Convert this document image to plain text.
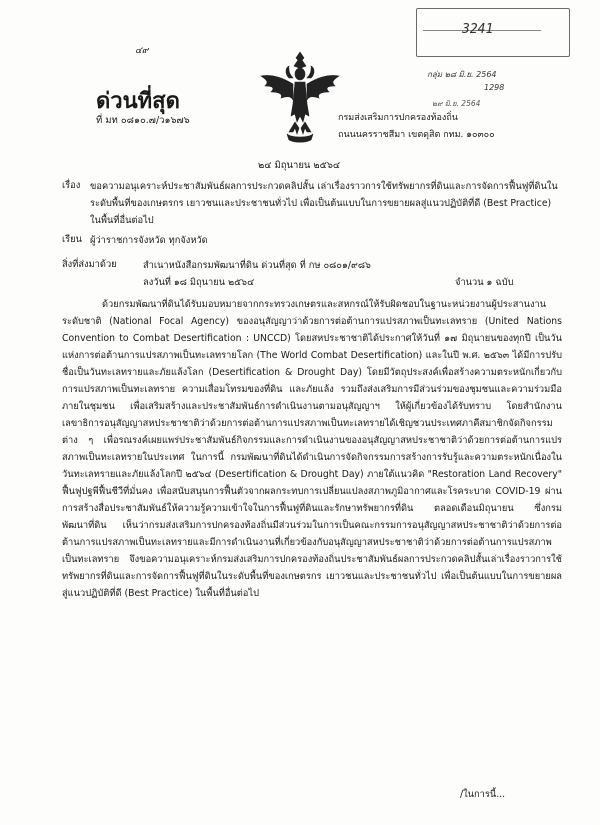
๔๙
ด่วนที่สุด
ที่ มท ๐๘๑๐.๗/ว๑๖๗๖
3241
กลุ่ม ๒๘ มิ.ย. 2564
1298
๒๙ มิ.ย. 2564
กรมส่งเสริมการปกครองท้องถิ่น
ถนนนครราชสีมา เขตดุสิต กทม. ๑๐๓๐๐
๒๔ มิถุนายน ๒๕๖๔
เรื่อง ขอความอนุเคราะห์ประชาสัมพันธ์ผลการประกวดคลิปสั้น เล่าเรื่องราวการใช้ทรัพยากรที่ดินและการจัดการฟื้นฟูที่ดินในระดับพื้นที่ของเกษตรกร เยาวชนและประชาชนทั่วไป เพื่อเป็นต้นแบบในการขยายผลสู่แนวปฏิบัติที่ดี (Best Practice) ในพื้นที่อื่นต่อไป
เรียน ผู้ว่าราชการจังหวัด ทุกจังหวัด
สิ่งที่ส่งมาด้วย	สำเนาหนังสือกรมพัฒนาที่ดิน ด่วนที่สุด ที่ กษ ๐๘๐๑/๙๘๖
ลงวันที่ ๑๘ มิถุนายน ๒๕๖๔	จำนวน ๑ ฉบับ
ด้วยกรมพัฒนาที่ดินได้รับมอบหมายจากกระทรวงเกษตรและสหกรณ์ให้รับผิดชอบในฐานะหน่วยงานผู้ประสานงานระดับชาติ (National Focal Agency) ของอนุสัญญาว่าด้วยการต่อต้านการแปรสภาพเป็นทะเลทราย (United Nations Convention to Combat Desertification : UNCCD) โดยสหประชาชาติได้ประกาศให้วันที่ ๑๗ มิถุนายนของทุกปี เป็นวันแห่งการต่อต้านการแปรสภาพเป็นทะเลทรายโลก (The World Combat Desertification) และในปี พ.ศ. ๒๕๖๓ ได้มีการปรับชื่อเป็นวันทะเลทรายและภัยแล้งโลก (Desertification & Drought Day) โดยมีวัตถุประสงค์เพื่อสร้างความตระหนักเกี่ยวกับการแปรสภาพเป็นทะเลทราย ความเสื่อมโทรมของที่ดิน และภัยแล้ง รวมถึงส่งเสริมการมีส่วนร่วมของชุมชนและความร่วมมือภายในชุมชน เพื่อเสริมสร้างและประชาสัมพันธ์การดำเนินงานตามอนุสัญญาฯ ให้ผู้เกี่ยวข้องได้รับทราบ โดยสำนักงานเลขาธิการอนุสัญญาสหประชาชาติว่าด้วยการต่อต้านการแปรสภาพเป็นทะเลทรายได้เชิญชวนประเทศภาคีสมาชิกจัดกิจกรรมต่าง ๆ เพื่อรณรงค์เผยแพร่ประชาสัมพันธ์กิจกรรมและการดำเนินงานของอนุสัญญาสหประชาชาติว่าด้วยการต่อต้านการแปรสภาพเป็นทะเลทรายในประเทศ ในการนี้ กรมพัฒนาที่ดินได้ดำเนินการจัดกิจกรรมการสร้างการรับรู้และความตระหนักเนื่องในวันทะเลทรายและภัยแล้งโลกปี ๒๕๖๔ (Desertification & Drought Day) ภายใต้แนวคิด "Restoration Land Recovery" ฟื้นฟูปฐพีฟื้นชีวีที่มั่นคง เพื่อสนับสนุนการฟื้นตัวจากผลกระทบการเปลี่ยนแปลงสภาพภูมิอากาศและโรคระบาด COVID-19 ผ่านการสร้างสื่อประชาสัมพันธ์ให้ความรู้ความเข้าใจในการฟื้นฟูที่ดินและรักษาทรัพยากรที่ดิน ตลอดเดือนมิถุนายน ซึ่งกรมพัฒนาที่ดิน เห็นว่ากรมส่งเสริมการปกครองท้องถิ่นมีส่วนร่วมในการเป็นคณะกรรมการอนุสัญญาสหประชาชาติว่าด้วยการต่อต้านการแปรสภาพเป็นทะเลทรายและมีการดำเนินงานที่เกี่ยวข้องกับอนุสัญญาสหประชาชาติว่าด้วยการต่อต้านการแปรสภาพเป็นทะเลทราย จึงขอความอนุเคราะห์กรมส่งเสริมการปกครองท้องถิ่นประชาสัมพันธ์ผลการประกวดคลิปสั้นเล่าเรื่องราวการใช้ทรัพยากรที่ดินและการจัดการฟื้นฟูที่ดินในระดับพื้นที่ของเกษตรกร เยาวชนและประชาชนทั่วไป เพื่อเป็นต้นแบบในการขยายผลสู่แนวปฏิบัติที่ดี (Best Practice) ในพื้นที่อื่นต่อไป
/ในการนี้...
